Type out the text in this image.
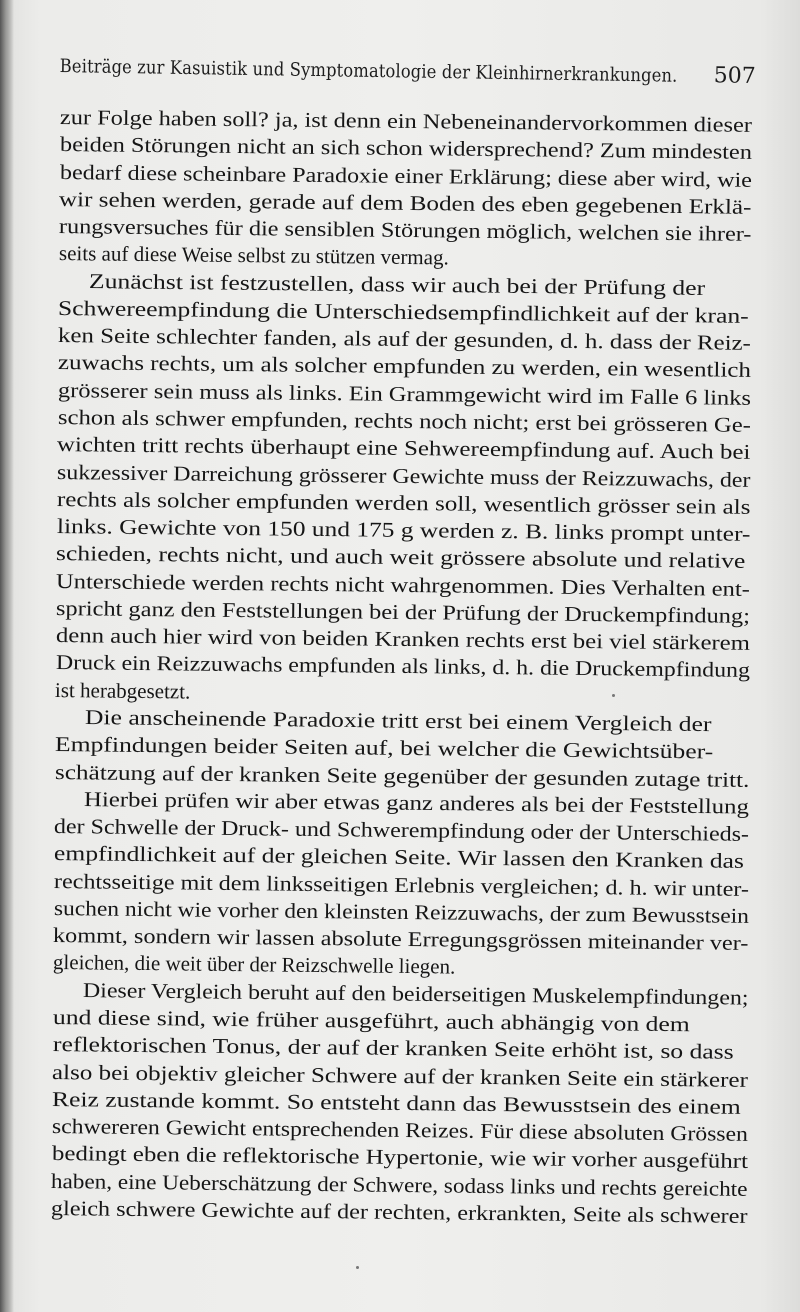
Beiträge zur Kasuistik und Symptomatologie der Kleinhirnerkrankungen. 507
zur Folge haben soll? ja, ist denn ein Nebeneinandervorkommen dieser
beiden Störungen nicht an sich schon widersprechend? Zum mindesten
bedarf diese scheinbare Paradoxie einer Erklärung; diese aber wird, wie
wir sehen werden, gerade auf dem Boden des eben gegebenen Erklä-
rungsversuches für die sensiblen Störungen möglich, welchen sie ihrer-
seits auf diese Weise selbst zu stützen vermag.
Zunächst ist festzustellen, dass wir auch bei der Prüfung der
Schwereempfindung die Unterschiedsempfindlichkeit auf der kran-
ken Seite schlechter fanden, als auf der gesunden, d. h. dass der Reiz-
zuwachs rechts, um als solcher empfunden zu werden, ein wesentlich
grösserer sein muss als links. Ein Grammgewicht wird im Falle 6 links
schon als schwer empfunden, rechts noch nicht; erst bei grösseren Ge-
wichten tritt rechts überhaupt eine Sehwereempfindung auf. Auch bei
sukzessiver Darreichung grösserer Gewichte muss der Reizzuwachs, der
rechts als solcher empfunden werden soll, wesentlich grösser sein als
links. Gewichte von 150 und 175 g werden z. B. links prompt unter-
schieden, rechts nicht, und auch weit grössere absolute und relative
Unterschiede werden rechts nicht wahrgenommen. Dies Verhalten ent-
spricht ganz den Feststellungen bei der Prüfung der Druckempfindung;
denn auch hier wird von beiden Kranken rechts erst bei viel stärkerem
Druck ein Reizzuwachs empfunden als links, d. h. die Druckempfindung
ist herabgesetzt.
Die anscheinende Paradoxie tritt erst bei einem Vergleich der
Empfindungen beider Seiten auf, bei welcher die Gewichtsüber-
schätzung auf der kranken Seite gegenüber der gesunden zutage tritt.
Hierbei prüfen wir aber etwas ganz anderes als bei der Feststellung
der Schwelle der Druck- und Schwerempfindung oder der Unterschieds-
empfindlichkeit auf der gleichen Seite. Wir lassen den Kranken das
rechtsseitige mit dem linksseitigen Erlebnis vergleichen; d. h. wir unter-
suchen nicht wie vorher den kleinsten Reizzuwachs, der zum Bewusstsein
kommt, sondern wir lassen absolute Erregungsgrössen miteinander ver-
gleichen, die weit über der Reizschwelle liegen.
Dieser Vergleich beruht auf den beiderseitigen Muskelempfindungen;
und diese sind, wie früher ausgeführt, auch abhängig von dem
reflektorischen Tonus, der auf der kranken Seite erhöht ist, so dass
also bei objektiv gleicher Schwere auf der kranken Seite ein stärkerer
Reiz zustande kommt. So entsteht dann das Bewusstsein des einem
schwereren Gewicht entsprechenden Reizes. Für diese absoluten Grössen
bedingt eben die reflektorische Hypertonie, wie wir vorher ausgeführt
haben, eine Ueberschätzung der Schwere, sodass links und rechts gereichte
gleich schwere Gewichte auf der rechten, erkrankten, Seite als schwerer
